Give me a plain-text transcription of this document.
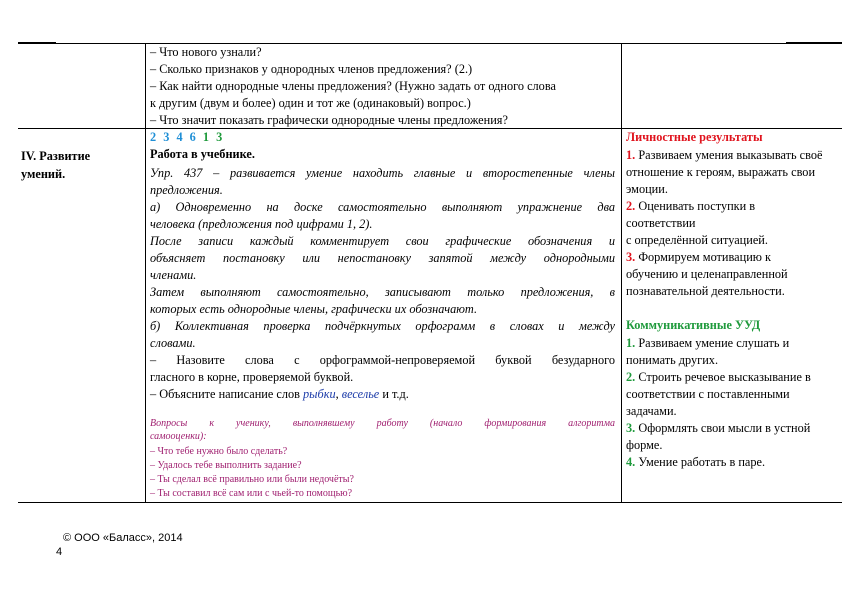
– Что нового узнали?
– Сколько признаков у однородных членов предложения? (2.)
– Как найти однородные члены предложения? (Нужно задать от одного слова
к другим (двум и более) один и тот же (одинаковый) вопрос.)
– Что значит показать графически однородные члены предложения?
IV. Развитие
умений.
2 3 4 6 1 3
Работа в учебнике.
Упр. 437 – развивается умение находить главные и второстепенные члены
предложения.
а) Одновременно на доске самостоятельно выполняют упражнение два
человека (предложения под цифрами 1, 2).
После записи каждый комментирует свои графические обозначения и
объясняет постановку или непостановку запятой между однородными
членами.
Затем выполняют самостоятельно, записывают только предложения, в
которых есть однородные члены, графически их обозначают.
б) Коллективная проверка подчёркнутых орфограмм в словах и между
словами.
– Назовите слова с орфограммой-непроверяемой буквой безударного
гласного в корне, проверяемой буквой.
– Объясните написание слов рыбки, веселье и т.д.
Вопросы к ученику, выполнявшему работу (начало формирования алгоритма
самооценки):
– Что тебе нужно было сделать?
– Удалось тебе выполнить задание?
– Ты сделал всё правильно или были недочёты?
– Ты составил всё сам или с чьей-то помощью?
Личностные результаты
1. Развиваем умения выказывать своё
отношение к героям, выражать свои
эмоции.
2. Оценивать поступки в
соответствии
с определённой ситуацией.
3. Формируем мотивацию к
обучению и целенаправленной
познавательной деятельности.
Коммуникативные УУД
1. Развиваем умение слушать и
понимать других.
2. Строить речевое высказывание в
соответствии с поставленными
задачами.
3. Оформлять свои мысли в устной
форме.
4. Умение работать в паре.
© ООО «Баласс», 2014
4
